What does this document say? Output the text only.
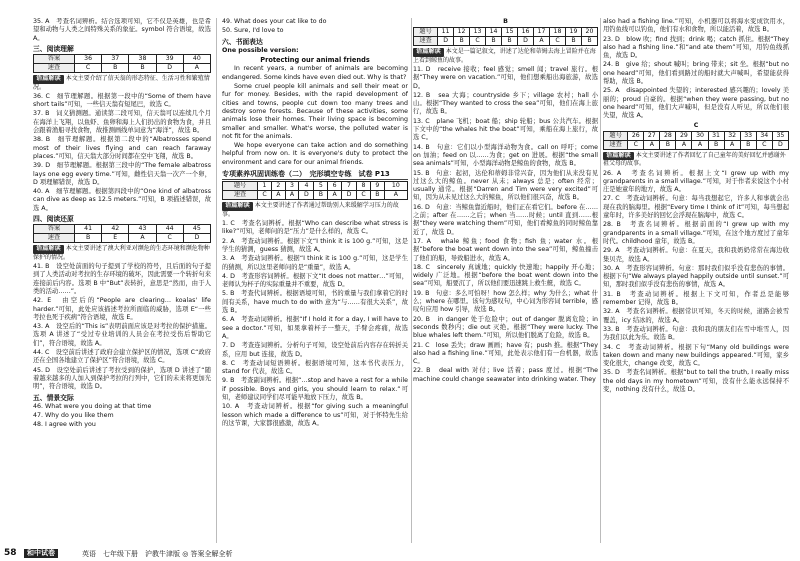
35. A　考查名词辨析。结合选项可知，它不仅是英雄，也是希望和动物与人类之间特殊关系的象征。symbol 符合语境，故选 A。

三、阅读理解
答案	36	37	38	39	40
速查	C	B	B	D	A
语篇解读 本文主要介绍了信天翁的形态特征、生活习性和繁殖情况。

36. C　细节理解题。根据第一段中的“Some of them have short tails”可知，一些信天翁有短尾巴，故选 C。

37. B　词义猜测题。通读第二段可知，信天翁可以连续几个月在海洋上飞翔，以鱼虾、鱼卵和海上人们扔出的食物为食，并且会跟着渔船寻找食物，故推测画线单词意为“海洋”，故选 B。

38. B　细节理解题。根据第二段中的“Albatrosses spend most of their lives flying and can reach faraway places.”可知，信天翁大部分时间都在空中飞翔，故选 B。

39. D　细节理解题。根据第三段中的“The female albatross lays one egg every time.”可知，雌性信天翁一次产一个卵，D 项理解错误，故选 D。

40. A　细节理解题。根据第四段中的“One kind of albatross can dive as deep as 12.5 meters.”可知，B 项描述错误，故选 A。

四、阅读还原
答案	41	42	43	44	45
速查	B	E	A	C	D
语篇解读 本文主要讲述了澳大利亚对濒危的生态环境和濒危物种保护的情况。

41. B　设空处前面的句子提到了学校的符号，且后面的句子提到了人类活动对考拉的生存环境的破坏，因此需要一个转折句来连接前后内容。选项 B 中“But”表转折，意思是“然而，由于人类的活动……”。

42. E　由空后的“People are clearing… koalas' life harder.”可知，此处应该描述考拉所面临的威胁，选项 E“一些考拉也死于疾病”符合语境，故选 E。

43. A　设空后的“This is”表明前面应该是对考拉的保护措施。选项 A 讲述了“受过专业培训的人员会在考拉受伤后帮助它们”，符合语境，故选 A。

44. C　设空前后讲述了政府会建立保护区的情况，选项 C“政府还在全国各地建立了保护区”符合语境，故选 C。

45. D　设空处前后讲述了考拉受到的保护，选项 D 讲述了“随着越来越多的人加入到保护考拉的行列中，它们的未来将更加光明”，符合语境，故选 D。

五、情景交际

46. What were you doing at that time

47. Why do you like them

48. I agree with you

49. What does your cat like to do

50. Sure, I'd love to

六、书面表达
One possible version:
Protecting our animal friends

In recent years, a number of animals are becoming endangered. Some kinds have even died out. Why is that?

Some cruel people kill animals and sell their meat or fur for money. Besides, with the rapid development of cities and towns, people cut down too many trees and destroy some forests. Because of these activities, some animals lose their homes. Their living space is becoming smaller and smaller. What's worse, the polluted water is not fit for the animals.

We hope everyone can take action and do something helpful from now on. It is everyone's duty to protect the environment and care for our animal friends.

专项素养巩固训练卷（二）　完形填空专练　试卷 P13
题号	1	2	3	4	5	6	7	8	9	10
速查	C	A	A	D	B	A	D	C	B	A
语篇解读 本文主要讲述了作者通过帮助别人来缓解学习压力的故事。

1. C　考查名词辨析。根据“Who can describe what stress is like?”可知，老师问的是“压力”是什么样的，故选 C。

2. A　考查动词辨析。根据下文“I think it is 100 g.”可知，这是学生的猜测，guess 猜测，故选 A。

3. A　考查动词辨析。根据“I think it is 100 g.”可知，这是学生的猜测，所以这里老师问的是“重量”，故选 A。

4. D　考查形容词辨析。根据下文“It does not matter…”可知，老师认为杯子的实际重量并不重要，故选 D。

5. B　考查代词辨析。根据语境可知，书的重量与我们拿着它的时间有关系，have much to do with 意为“与……有很大关系”，故选 B。

6. A　考查动词辨析。根据“If I hold it for a day, I will have to see a doctor.”可知，如果拿着杯子一整天，手臂会疼痛，故选 A。

7. D　考查连词辨析。分析句子可知，设空处前后内容存在转折关系，应用 but 连接，故选 D。

8. C　考查动词短语辨析。根据语境可知，这本书代表压力，stand for 代表，故选 C。

9. B　考查副词辨析。根据“…stop and have a rest for a while if possible. Boys and girls, you should learn to relax.”可知，老师建议同学们尽可能早地放下压力，故选 B。

10. A　考查动词辨析。根据“for giving such a meaningful lesson which made a difference to us”可知，对于怀特先生给的这节课，大家都很感激，故选 A。

B
题号	11	12	13	14	15	16	17	18	19	20
速查	D	B	C	B	B	D	A	C	B	B
语篇解读 本文是一篇记叙文，讲述了达伦和蒂姆去海上冒险并在海上看到鲸鱼的故事。

11. D　receive 接收；feel 感觉；smell 闻；travel 旅行。根据“They were on vacation.”可知，他们想乘船出海旅游，故选 D。

12. B　sea 大海；countryside 乡下；village 农村；hall 小山。根据“They wanted to cross the sea”可知，他们在海上旅行，故选 B。

13. C　plane 飞机；boat 船；ship 轮船；bus 公共汽车。根据下文中的“the whales hit the boat”可知，乘船在海上旅行，故选 C。

14. B　句意：它们以小型海洋动物为食。call on 呼吁；come on 加油；feed on 以……为食；get on 进展。根据“the small sea animals”可知，小型海洋动物是鲸鱼的食物，故选 B。

15. B　句意：起初，达伦和蒂姆非常兴奋，因为他们从来没有见过这么大的鲸鱼。never 从未；always 总是；often 经常；usually 通常。根据“Darren and Tim were very excited”可知，因为从未见过这么大的鲸鱼，所以他们很兴奋，故选 B。

16. D　句意：当鲸鱼靠近船时，他们正在看它们。before 在……之前；after 在……之后；when 当……时候；until 直到……根据“they were watching them”可知，他们看鲸鱼的同时鲸鱼靠近了，故选 D。

17. A　whale 鲸鱼；food 食物；fish 鱼；water 水。根据“before the boat went down into the sea”可知，鲸鱼撞击了他们的船，导致船进水，故选 A。

18. C　sincerely 真诚地；quickly 快速地；happily 开心地；widely 广泛地。根据“before the boat went down into the sea”可知，船要沉了，所以他们要迅速跳上救生艇，故选 C。

19. B　句意：多么可怕呀！how 怎么样；why 为什么；what 什么；where 在哪里。该句为感叹句，中心词为形容词 terrible，感叹句应用 how 引导，故选 B。

20. B　in danger 处于危险中；out of danger 脱离危险；in seconds 数秒内；die out 灭绝。根据“They were lucky. The blue whales left them.”可知，所以他们脱离了危险，故选 B。

21. C　lose 丢失；draw 画画；have 有；push 推。根据“They also had a fishing line.”可知，此处表示他们有一台机器，故选 C。

22. B　deal with 对付；live 活着；pass 度过。根据“The machine could change seawater into drinking water. They

also had a fishing line.”可知，小机器可以将海水变成饮用水，用钓鱼线可以钓鱼，他们有水和食物，所以能活着，故选 B。

23. D　blow 吹；find 找到；drink 喝；catch 抓住。根据“They also had a fishing line.”和“and ate them”可知，用钓鱼线抓鱼，故选 D。

24. B　give 给；shout 喊叫；bring 带来；sit 坐。根据“but no one heard”可知，他们看到路过的船时就大声喊叫，希望能获得帮助，故选 B。

25. A　disappointed 失望的；interested 感兴趣的；lovely 美丽的；proud 自豪的。根据“when they were passing, but no one heard”可知，他们大声喊叫，但是没有人听见，所以他们很失望，故选 A。

C
题号	26	27	28	29	30	31	32	33	34	35
速查	C	A	B	A	A	B	A	B	C	D
语篇解读 本文主要讲述了作者回忆了自己童年的美好回忆并感谢外祖父母的故事。

26. A　考查名词辨析。根据上文“I grew up with my grandparents in a small village.”可知，对于作者来说这个小村庄是她童年的地方，故选 A。

27. C　考查动词辨析。句意：每当我想起它，许多人和事就会出现在我的脑海里。根据“Every time I think of it”可知，每当想起童年时，许多美好的回忆会浮现在脑海中，故选 C。

28. B　考查名词辨析。根据前面的“I grew up with my grandparents in a small village.”可知，在这个地方度过了童年时代。childhood 童年，故选 B。

29. A　考查动词辨析。句意：在夏天，我和我奶奶常常在海边收集贝壳，故选 A。

30. A　考查形容词辨析。句意：那时我们似乎没有悲伤的事情。根据下句“We always played happily outside until sunset.”可知，那时我们似乎没有悲伤的事情，故选 A。

31. B　考查动词辨析。根据上下文可知，作者总是能够 remember 记得，故选 B。

32. A　考查名词辨析。根据常识可知，冬天的时候，道路会被雪覆盖，icy 结冰的，故选 A。

33. B　考查动词辨析。句意：我和我的朋友们在雪中堆雪人，因为我们以此为乐。故选 B。

34. C　考查动词辨析。根据下句“Many old buildings were taken down and many new buildings appeared.”可知，家乡变化很大，change 改变，故选 C。

35. D　考查名词辨析。根据“but to tell the truth, I really miss the old days in my hometown”可知，没有什么能永远保持不变，nothing 没有什么，故选 D。

58	和中试卷	英语　七年级下册　沪教牛津版 ◎ 答案全解全析
